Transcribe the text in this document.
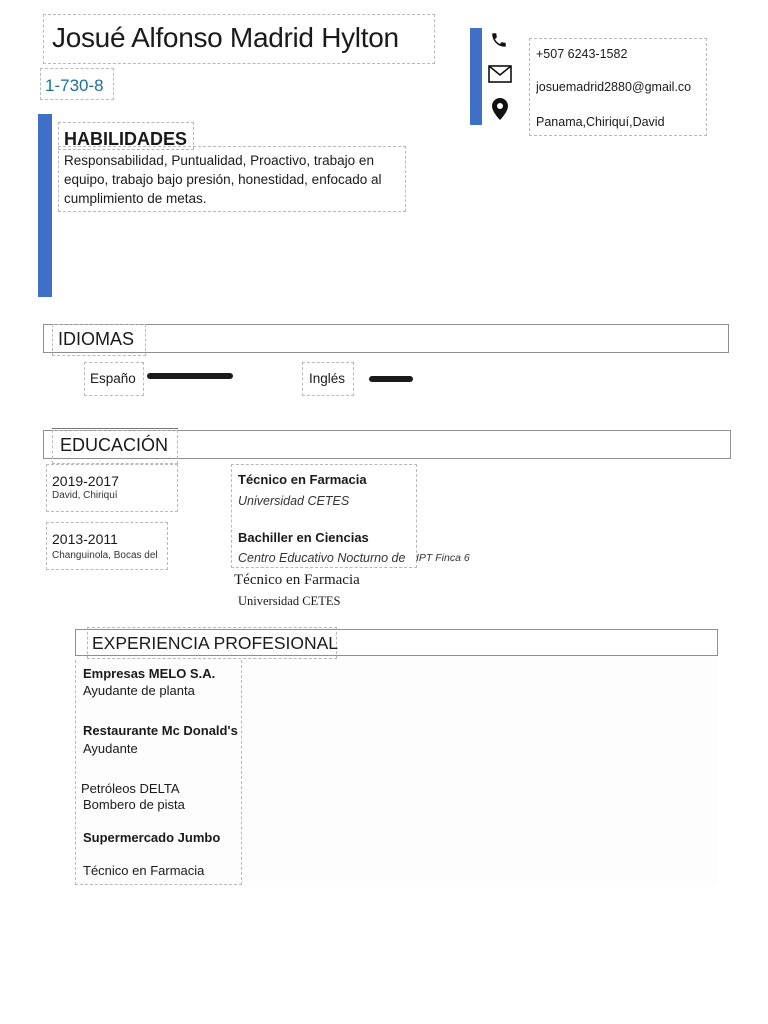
Josué Alfonso Madrid Hylton
1-730-8
+507 6243-1582
josuemadrid2880@gmail.co
Panama,Chiriquí,David
HABILIDADES
Responsabilidad, Puntualidad, Proactivo, trabajo en
equipo, trabajo bajo presión, honestidad, enfocado al
cumplimiento de metas.
IDIOMAS
Españo	Inglés
EDUCACIÓN
2019-2017
David, Chiriquí
2013-2011
Changuinola, Bocas del
Técnico en Farmacia
Universidad CETES
Bachiller en Ciencias
Centro Educativo Nocturno de IPT Finca 6
Técnico en Farmacia
Universidad CETES
EXPERIENCIA PROFESIONAL
Empresas MELO S.A.
Ayudante de planta
Restaurante Mc Donald's
Ayudante
Petróleos DELTA
Bombero de pista
Supermercado Jumbo
Técnico en Farmacia
